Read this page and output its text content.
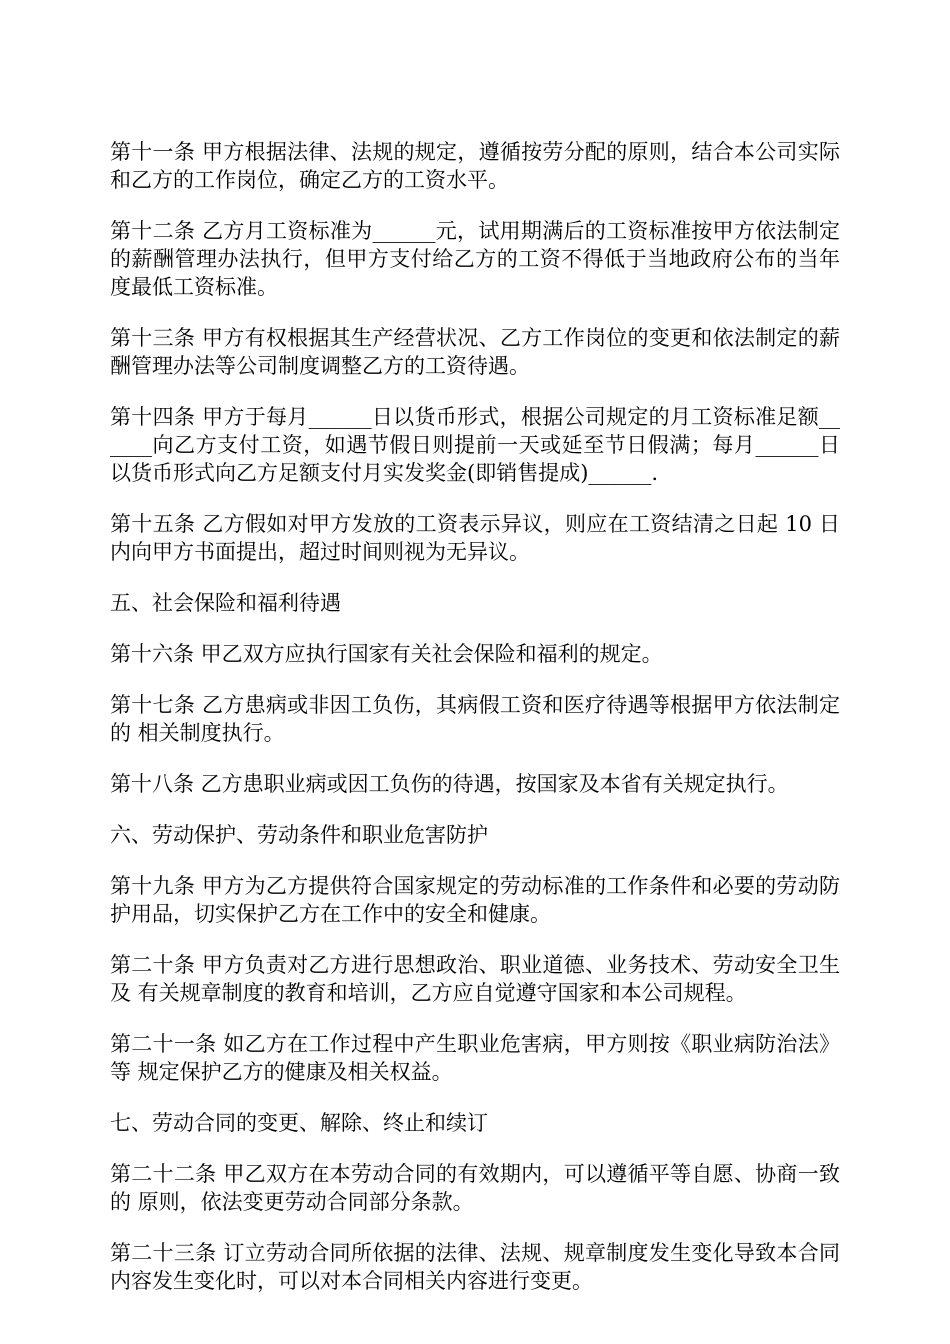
第十一条 甲方根据法律、法规的规定，遵循按劳分配的原则，结合本公司实际和乙方的工作岗位，确定乙方的工资水平。

第十二条 乙方月工资标准为______元，试用期满后的工资标准按甲方依法制定的薪酬管理办法执行，但甲方支付给乙方的工资不得低于当地政府公布的当年度最低工资标准。

第十三条 甲方有权根据其生产经营状况、乙方工作岗位的变更和依法制定的薪酬管理办法等公司制度调整乙方的工资待遇。

第十四条 甲方于每月______日以货币形式，根据公司规定的月工资标准足额______向乙方支付工资，如遇节假日则提前一天或延至节日假满；每月______日以货币形式向乙方足额支付月实发奖金(即销售提成)______.

第十五条 乙方假如对甲方发放的工资表示异议，则应在工资结清之日起 10 日内向甲方书面提出，超过时间则视为无异议。

五、社会保险和福利待遇

第十六条 甲乙双方应执行国家有关社会保险和福利的规定。

第十七条 乙方患病或非因工负伤，其病假工资和医疗待遇等根据甲方依法制定的 相关制度执行。

第十八条 乙方患职业病或因工负伤的待遇，按国家及本省有关规定执行。

六、劳动保护、劳动条件和职业危害防护

第十九条 甲方为乙方提供符合国家规定的劳动标准的工作条件和必要的劳动防护用品，切实保护乙方在工作中的安全和健康。

第二十条 甲方负责对乙方进行思想政治、职业道德、业务技术、劳动安全卫生及 有关规章制度的教育和培训，乙方应自觉遵守国家和本公司规程。

第二十一条 如乙方在工作过程中产生职业危害病，甲方则按《职业病防治法》等 规定保护乙方的健康及相关权益。

七、劳动合同的变更、解除、终止和续订

第二十二条 甲乙双方在本劳动合同的有效期内，可以遵循平等自愿、协商一致的 原则，依法变更劳动合同部分条款。

第二十三条 订立劳动合同所依据的法律、法规、规章制度发生变化导致本合同内容发生变化时，可以对本合同相关内容进行变更。
